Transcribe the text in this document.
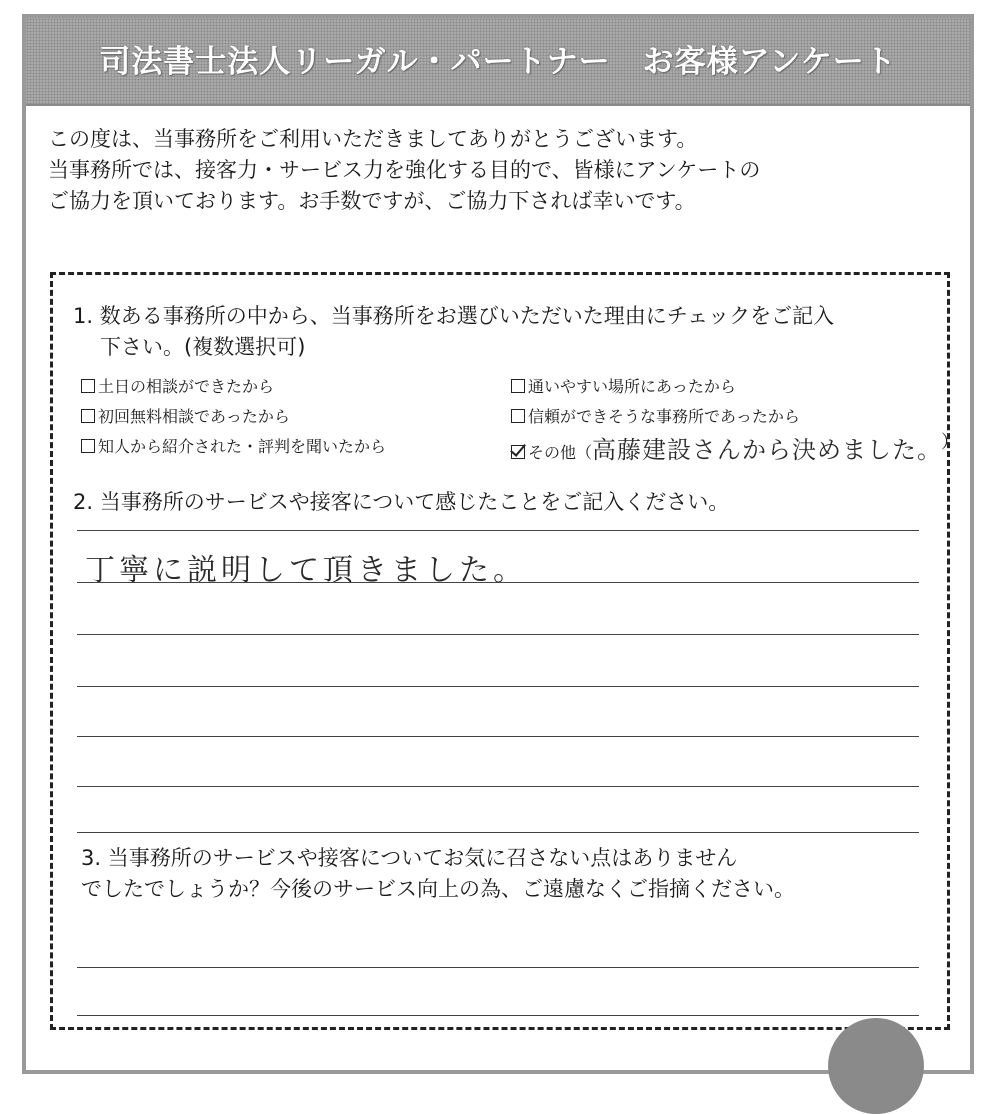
司法書士法人リーガル・パートナー　お客様アンケート

この度は、当事務所をご利用いただきましてありがとうございます。

当事務所では、接客力・サービス力を強化する目的で、皆様にアンケートの

ご協力を頂いております。お手数ですが、ご協力下されば幸いです。

1. 数ある事務所の中から、当事務所をお選びいただいた理由にチェックをご記入
下さい。(複数選択可)
土日の相談ができたから	通いやすい場所にあったから
初回無料相談であったから	信頼ができそうな事務所であったから
知人から紹介された・評判を聞いたから	その他（高藤建設さんから決めました。
）
2. 当事務所のサービスや接客について感じたことをご記入ください。
丁寧に説明して頂きました。
3. 当事務所のサービスや接客についてお気に召さない点はありません
でしたでしょうか？今後のサービス向上の為、ご遠慮なくご指摘ください。
